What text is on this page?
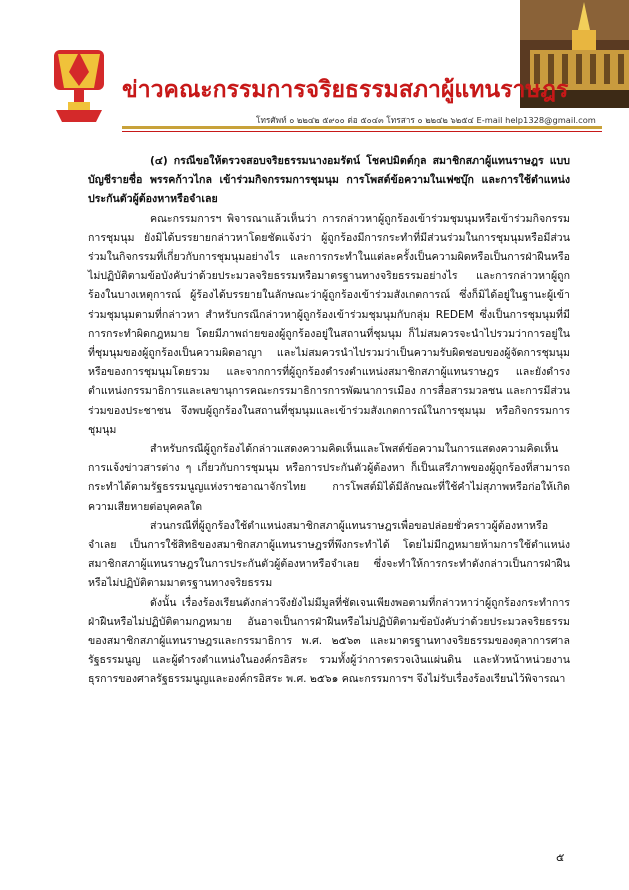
ข่าวคณะกรรมการจริยธรรมสภาผู้แทนราษฎร
โทรศัพท์ ๐ ๒๒๔๒ ๕๙๐๐ ต่อ ๕๐๔๓ โทรสาร ๐ ๒๒๔๒ ๖๒๕๔ E-mail help1328@gmail.com

(๔) กรณีขอให้ตรวจสอบจริยธรรมนางอมรัตน์ โชคปมิตต์กุล สมาชิกสภาผู้แทนราษฎร แบบบัญชีรายชื่อ พรรคก้าวไกล เข้าร่วมกิจกรรมการชุมนุม การโพสต์ข้อความในเฟซบุ๊ก และการใช้ตำแหน่งประกันตัวผู้ต้องหาหรือจำเลย

คณะกรรมการฯ พิจารณาแล้วเห็นว่า การกล่าวหาผู้ถูกร้องเข้าร่วมชุมนุมหรือเข้าร่วมกิจกรรมการชุมนุม ยังมิได้บรรยายกล่าวหาโดยชัดแจ้งว่า ผู้ถูกร้องมีการกระทำที่มีส่วนร่วมในการชุมนุมหรือมีส่วนร่วมในกิจกรรมที่เกี่ยวกับการชุมนุมอย่างไร และการกระทำในแต่ละครั้งเป็นความผิดหรือเป็นการฝ่าฝืนหรือไม่ปฏิบัติตามข้อบังคับว่าด้วยประมวลจริยธรรมหรือมาตรฐานทางจริยธรรมอย่างไร และการกล่าวหาผู้ถูกร้องในบางเหตุการณ์ ผู้ร้องได้บรรยายในลักษณะว่าผู้ถูกร้องเข้าร่วมสังเกตการณ์ ซึ่งก็มิได้อยู่ในฐานะผู้เข้าร่วมชุมนุมตามที่กล่าวหา สำหรับกรณีกล่าวหาผู้ถูกร้องเข้าร่วมชุมนุมกับกลุ่ม REDEM ซึ่งเป็นการชุมนุมที่มีการกระทำผิดกฎหมาย โดยมีภาพถ่ายของผู้ถูกร้องอยู่ในสถานที่ชุมนุม ก็ไม่สมควรจะนำไปรวมว่าการอยู่ในที่ชุมนุมของผู้ถูกร้องเป็นความผิดอาญา และไม่สมควรนำไปรวมว่าเป็นความรับผิดชอบของผู้จัดการชุมนุม หรือของการชุมนุมโดยรวม และจากการที่ผู้ถูกร้องดำรงตำแหน่งสมาชิกสภาผู้แทนราษฎร และยังดำรงตำแหน่งกรรมาธิการและเลขานุการคณะกรรมาธิการการพัฒนาการเมือง การสื่อสารมวลชน และการมีส่วนร่วมของประชาชน จึงพบผู้ถูกร้องในสถานที่ชุมนุมและเข้าร่วมสังเกตการณ์ในการชุมนุม หรือกิจกรรมการชุมนุม

สำหรับกรณีผู้ถูกร้องได้กล่าวแสดงความคิดเห็นและโพสต์ข้อความในการแสดงความคิดเห็นการแจ้งข่าวสารต่าง ๆ เกี่ยวกับการชุมนุม หรือการประกันตัวผู้ต้องหา ก็เป็นเสรีภาพของผู้ถูกร้องที่สามารถกระทำได้ตามรัฐธรรมนูญแห่งราชอาณาจักรไทย การโพสต์มิได้มีลักษณะที่ใช้คำไม่สุภาพหรือก่อให้เกิดความเสียหายต่อบุคคลใด

ส่วนกรณีที่ผู้ถูกร้องใช้ตำแหน่งสมาชิกสภาผู้แทนราษฎรเพื่อขอปล่อยชั่วคราวผู้ต้องหาหรือจำเลย เป็นการใช้สิทธิของสมาชิกสภาผู้แทนราษฎรที่พึงกระทำได้ โดยไม่มีกฎหมายห้ามการใช้ตำแหน่งสมาชิกสภาผู้แทนราษฎรในการประกันตัวผู้ต้องหาหรือจำเลย ซึ่งจะทำให้การกระทำดังกล่าวเป็นการฝ่าฝืนหรือไม่ปฏิบัติตามมาตรฐานทางจริยธรรม

ดังนั้น เรื่องร้องเรียนดังกล่าวจึงยังไม่มีมูลที่ชัดเจนเพียงพอตามที่กล่าวหาว่าผู้ถูกร้องกระทำการฝ่าฝืนหรือไม่ปฏิบัติตามกฎหมาย อันอาจเป็นการฝ่าฝืนหรือไม่ปฏิบัติตามข้อบังคับว่าด้วยประมวลจริยธรรมของสมาชิกสภาผู้แทนราษฎรและกรรมาธิการ พ.ศ. ๒๕๖๓ และมาตรฐานทางจริยธรรมของตุลาการศาลรัฐธรรมนูญ และผู้ดำรงตำแหน่งในองค์กรอิสระ รวมทั้งผู้ว่าการตรวจเงินแผ่นดิน และหัวหน้าหน่วยงานธุรการของศาลรัฐธรรมนูญและองค์กรอิสระ พ.ศ. ๒๕๖๑ คณะกรรมการฯ จึงไม่รับเรื่องร้องเรียนไว้พิจารณา

๕
